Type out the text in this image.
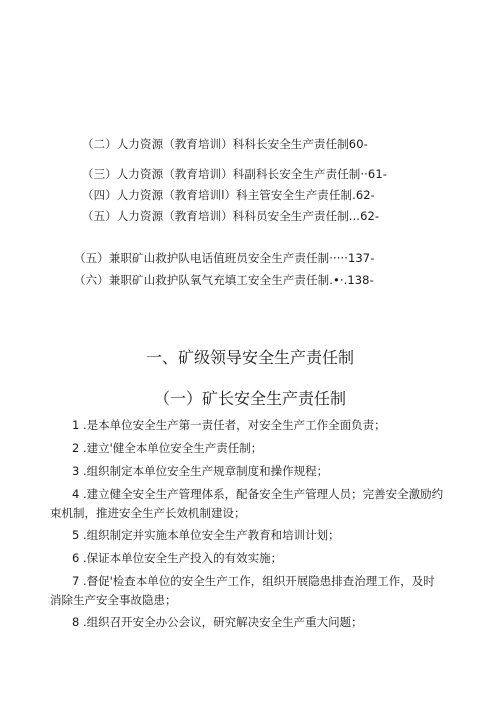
（二）人力资源（教育培训）科科长安全生产责任制60-
（三）人力资源（教育培训）科副科长安全生产责任制··61-
（四）人力资源（教育培训l）科主管安全生产责任制.62-
（五）人力资源（教育培训）科科员安全生产责任制...62-
（五）兼职矿山救护队电话值班员安全生产责任制·····137-
（六）兼职矿山救护队氧气充填工安全生产责任制.•·.138-
一、矿级领导安全生产责任制
（一）矿长安全生产责任制
1 .是本单位安全生产第一责任者，对安全生产工作全面负责；
2 .建立'健全本单位安全生产责任制；
3 .组织制定本单位安全生产规章制度和操作规程；
4 .建立健全安全生产管理体系，配备安全生产管理人员；完善安全激励约
束机制，推进安全生产长效机制建设；
5 .组织制定并实施本单位安全生产教育和培训计划；
6 .保证本单位安全生产投入的有效实施；
7 .督促'检查本单位的安全生产工作，组织开展隐患排查治理工作，及时
消除生产安全事故隐患；
8 .组织召开安全办公会议，研究解决安全生产重大问题；
